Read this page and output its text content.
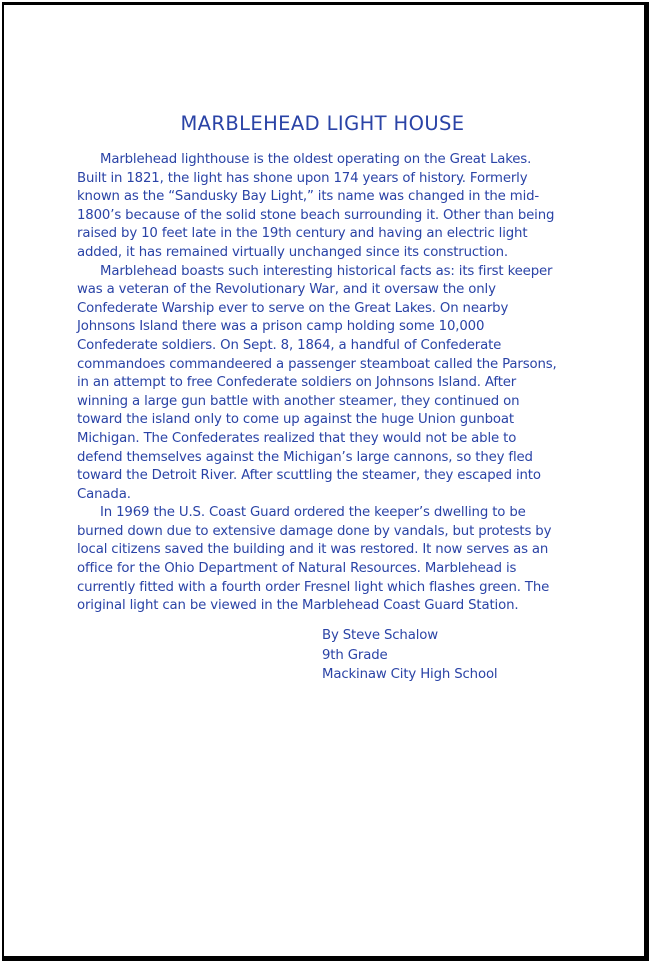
MARBLEHEAD LIGHT HOUSE

Marblehead lighthouse is the oldest operating on the Great Lakes. Built in 1821, the light has shone upon 174 years of history. Formerly known as the “Sandusky Bay Light,” its name was changed in the mid-1800’s because of the solid stone beach surrounding it. Other than being raised by 10 feet late in the 19th century and having an electric light added, it has remained virtually unchanged since its construction.

Marblehead boasts such interesting historical facts as: its first keeper was a veteran of the Revolutionary War, and it oversaw the only Confederate Warship ever to serve on the Great Lakes. On nearby Johnsons Island there was a prison camp holding some 10,000 Confederate soldiers. On Sept. 8, 1864, a handful of Confederate commandoes commandeered a passenger steamboat called the Parsons, in an attempt to free Confederate soldiers on Johnsons Island. After winning a large gun battle with another steamer, they continued on toward the island only to come up against the huge Union gunboat Michigan. The Confederates realized that they would not be able to defend themselves against the Michigan’s large cannons, so they fled toward the Detroit River. After scuttling the steamer, they escaped into Canada.

In 1969 the U.S. Coast Guard ordered the keeper’s dwelling to be burned down due to extensive damage done by vandals, but protests by local citizens saved the building and it was restored. It now serves as an office for the Ohio Department of Natural Resources. Marblehead is currently fitted with a fourth order Fresnel light which flashes green. The original light can be viewed in the Marblehead Coast Guard Station.

By Steve Schalow
9th Grade
Mackinaw City High School
